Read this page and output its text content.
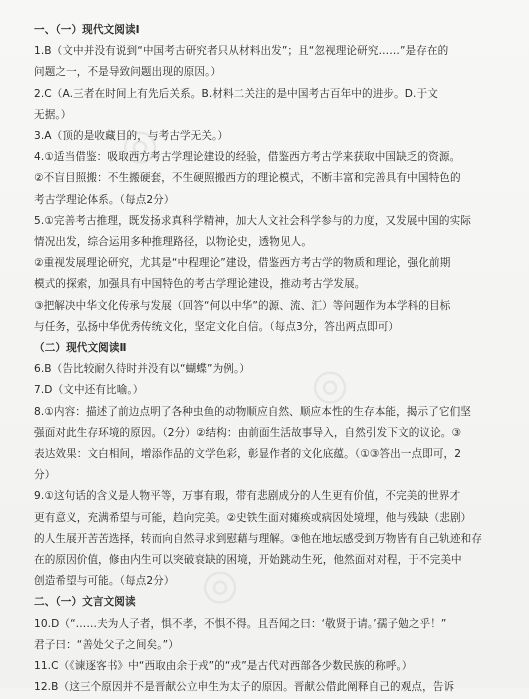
◎
◎
◎
一、（一）现代文阅读Ⅰ
1.B（文中并没有说到“中国考古研究者只从材料出发”；且“忽视理论研究……”是存在的
问题之一，不是导致问题出现的原因。）
2.C（A.三者在时间上有先后关系。B.材料二关注的是中国考古百年中的进步。D.于文
无据。）
3.A（顶的是收藏目的，与考古学无关。）
4.①适当借鉴：吸取西方考古学理论建设的经验，借鉴西方考古学来获取中国缺乏的资源。
②不盲目照搬：不生搬硬套，不生硬照搬西方的理论模式，不断丰富和完善具有中国特色的
考古学理论体系。（每点2分）
5.①完善考古推理，既发扬求真科学精神，加大人文社会科学参与的力度，又发展中国的实际
情况出发，综合运用多种推理路径，以物论史，透物见人。
②重视发展理论研究，尤其是“中程理论”建设，借鉴西方考古学的物质和理论，强化前期
模式的探索，加强具有中国特色的考古学理论建设，推动考古学发展。
③把解决中华文化传承与发展（回答“何以中华”的源、流、汇）等问题作为本学科的目标
与任务，弘扬中华优秀传统文化，坚定文化自信。（每点3分，答出两点即可）
（二）现代文阅读Ⅱ
6.B（告比较耐久待时并没有以“蝴蝶”为例。）
7.D（文中还有比喻。）
8.①内容：描述了前边点明了各种虫鱼的动物顺应自然、顺应本性的生存本能，揭示了它们坚
强面对此生存环境的原因。（2分）②结构：由前面生活故事导入，自然引发下文的议论。③
表达效果：文白相间，增添作品的文学色彩，彰显作者的文化底蕴。（①③答出一点即可，2
分）
9.①这句话的含义是人物平等，万事有瑕，带有悲剧成分的人生更有价值，不完美的世界才
更有意义，充满希望与可能，趋向完美。②史铁生面对瘫痪或病因处境埋，他与残缺（悲剧）
的人生展开苦苦选择，转而向自然寻求到慰藉与理解。③他在地坛感受到万物皆有自己轨迹和存
在的原因价值，修由内生可以突破衰缺的困境，开始跳动生死，他然面对对程，于不完美中
创造希望与可能。（每点2分）
二、（一）文言文阅读
10.D（“……夫为人子者，惧不孝，不惧不得。且吾闻之曰：‘敬贤于请。’孺子勉之乎！”
君子曰：“善处父子之间矣。”）
11.C（《谏逐客书》中“西取由余于戎”的“戎”是古代对西部各少数民族的称呼。）
12.B（这三个原因并不是晋献公立申生为太子的原因。晋献公借此阐释自己的观点，告诉
